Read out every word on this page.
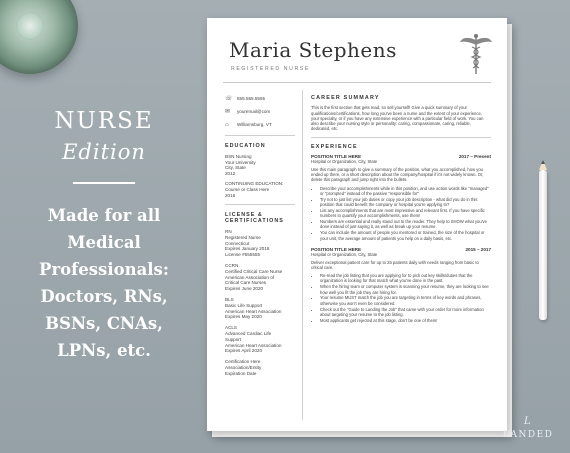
NURSE
Edition
Made for all
Medical
Professionals:
Doctors, RNs,
BSNs, CNAs,
LPNs, etc.
Maria Stephens
REGISTERED NURSE
☏ 555.555.5555
✉	youremail@com
⌂	Williamsburg, VT
EDUCATION
BSN Nursing
Your University
City, State
2012
CONTINUING EDUCATION:
Course or Class Here
2016
LICENSE &
CERTIFICATIONS
RN
Registered Nurse
Connecticut
Expires January 2018
License #555555
CCRN
Certified Critical Care Nurse
American Association of
Critical Care Nurses
Expires June 2020
BLS
Basic Life Support
American Heart Association
Expires May 2020
ACLS
Advanced Cardiac Life
Support
American Heart Association
Expires April 2020
Certification Here
Association/Entity
Expiration Date
CAREER SUMMARY

This is the first section that gets read, so sell yourself! Give a quick summary of your qualifications/certifications, how long you've been a nurse and the extent of your experience, your specialty, or if you have any extensive experience with a particular field of work. You can also describe your nursing style or personality: caring, compassionate, caring, reliable, dedicated, etc.

EXPERIENCE
POSITION TITLE HERE	2017 – Present
Hospital or Organization, City, State

Use this main paragraph to give a summary of the position, what you accomplished, how you ended up there, or a short description about the company/hospital if it's not widely known. Or, delete this paragraph and jump right into the bullets.

• Describe your accomplishments while in this position, and use action words like "managed" or "prompted" instead of the passive "responsible for"
• Try not to just list your job duties or copy your job description - what did you do in this position that could benefit the company or hospital you're applying to?
• List any accomplishments that are most impressive and relevant first. If you have specific numbers to quantify your accomplishments, use them!
• Numbers are essential and really stand out to the reader. They help to SHOW what you've done instead of just saying it, as well as break up your resume.
• You can include the amount of people you mentored or trained, the size of the hospital or your unit, the average amount of patients you help on a daily basis, etc.
POSITION TITLE HERE	2015 – 2017
Hospital or Organization, City, State

Deliver exceptional patient care for up to 25 patients daily with needs ranging from basic to critical care.

• Re-read the job listing that you are applying for to pick out key skills/duties that the organization is looking for that match what you've done in the past.
• When the hiring team or computer system is scanning your resume, they are looking to see how well you fit the job they are hiring for.
• Your resume MUST match the job you are targeting in terms of key words and phrases, otherwise you won't even be considered.
• Check out the "Guide to Landing the Job" that came with your order for more information about targeting your resume to the job listing.
• Most applicants get rejected at this stage, don't be one of them!
L
LANDED
